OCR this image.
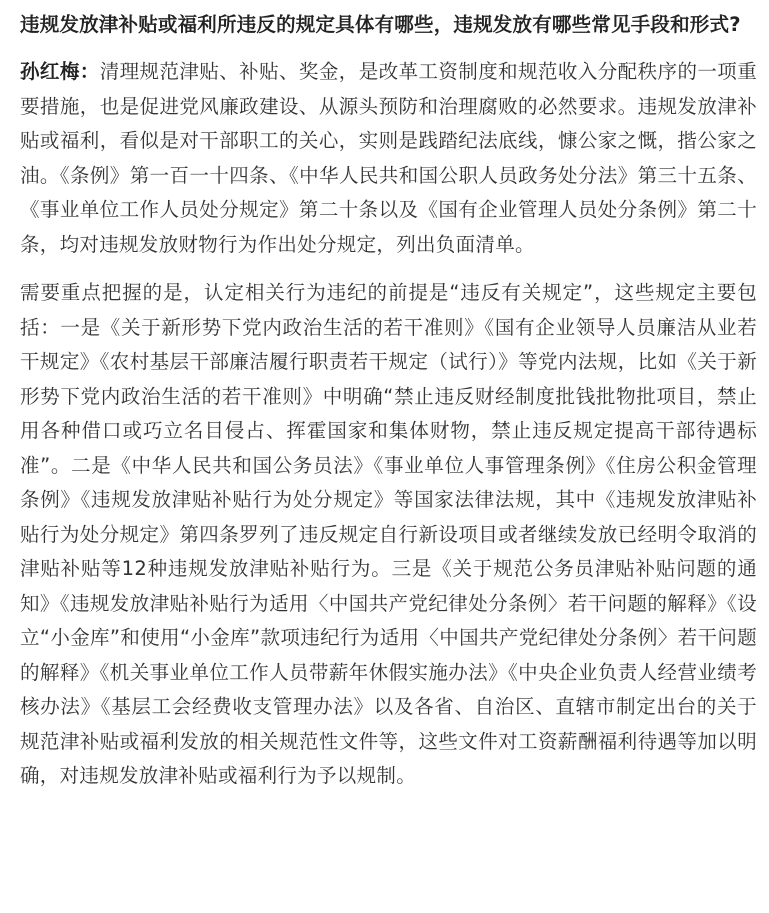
违规发放津补贴或福利所违反的规定具体有哪些，违规发放有哪些常见手段和形式?

孙红梅：清理规范津贴、补贴、奖金，是改革工资制度和规范收入分配秩序的一项重要措施，也是促进党风廉政建设、从源头预防和治理腐败的必然要求。违规发放津补贴或福利，看似是对干部职工的关心，实则是践踏纪法底线，慷公家之慨，揩公家之油。《条例》第一百一十四条、《中华人民共和国公职人员政务处分法》第三十五条、《事业单位工作人员处分规定》第二十条以及《国有企业管理人员处分条例》第二十条，均对违规发放财物行为作出处分规定，列出负面清单。

需要重点把握的是，认定相关行为违纪的前提是“违反有关规定”，这些规定主要包括：一是《关于新形势下党内政治生活的若干准则》《国有企业领导人员廉洁从业若干规定》《农村基层干部廉洁履行职责若干规定（试行）》等党内法规，比如《关于新形势下党内政治生活的若干准则》中明确“禁止违反财经制度批钱批物批项目，禁止用各种借口或巧立名目侵占、挥霍国家和集体财物，禁止违反规定提高干部待遇标准”。二是《中华人民共和国公务员法》《事业单位人事管理条例》《住房公积金管理条例》《违规发放津贴补贴行为处分规定》等国家法律法规，其中《违规发放津贴补贴行为处分规定》第四条罗列了违反规定自行新设项目或者继续发放已经明令取消的津贴补贴等12种违规发放津贴补贴行为。三是《关于规范公务员津贴补贴问题的通知》《违规发放津贴补贴行为适用〈中国共产党纪律处分条例〉若干问题的解释》《设立“小金库”和使用“小金库”款项违纪行为适用〈中国共产党纪律处分条例〉若干问题的解释》《机关事业单位工作人员带薪年休假实施办法》《中央企业负责人经营业绩考核办法》《基层工会经费收支管理办法》以及各省、自治区、直辖市制定出台的关于规范津补贴或福利发放的相关规范性文件等，这些文件对工资薪酬福利待遇等加以明确，对违规发放津补贴或福利行为予以规制。
